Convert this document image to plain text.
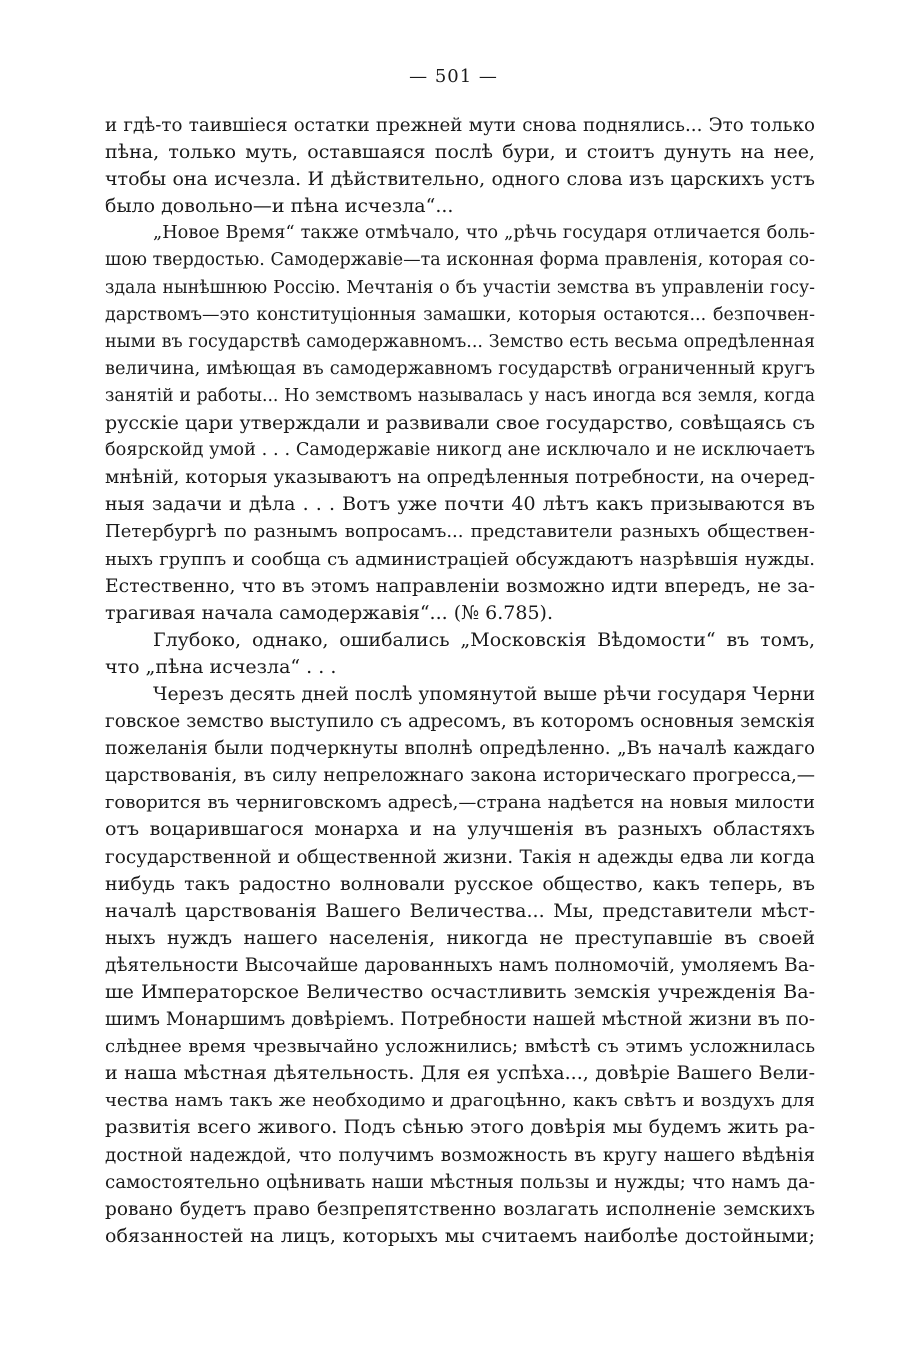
— 501 —
и гдѣ-то таившіеся остатки прежней мути снова поднялись... Это только
пѣна, только муть, оставшаяся послѣ бури, и стоитъ дунуть на нее,
чтобы она исчезла. И дѣйствительно, одного слова изъ царскихъ устъ
было довольно—и пѣна исчезла“...
„Новое Время“ также отмѣчало, что „рѣчь государя отличается боль-
шою твердостью. Самодержавіе—та исконная форма правленія, которая со-
здала нынѣшнюю Россію. Мечтанія о бъ участіи земства въ управленіи госу-
дарствомъ—это конституціонныя замашки, которыя остаются... безпочвен-
ными въ государствѣ самодержавномъ... Земство есть весьма опредѣленная
величина, имѣющая въ самодержавномъ государствѣ ограниченный кругъ
занятій и работы... Но земствомъ называлась у насъ иногда вся земля, когда
русскіе цари утверждали и развивали свое государство, совѣщаясь съ
боярскойд умой . . . Самодержавіе никогд ане исключало и не исключаетъ
мнѣній, которыя указываютъ на опредѣленныя потребности, на очеред-
ныя задачи и дѣла . . . Вотъ уже почти 40 лѣтъ какъ призываются въ
Петербургѣ по разнымъ вопросамъ... представители разныхъ обществен-
ныхъ группъ и сообща съ администраціей обсуждаютъ назрѣвшія нужды.
Естественно, что въ этомъ направленіи возможно идти впередъ, не за-
трагивая начала самодержавія“... (№ 6.785).
Глубоко, однако, ошибались „Московскія Вѣдомости“ въ томъ,
что „пѣна исчезла“ . . .
Черезъ десять дней послѣ упомянутой выше рѣчи государя Черни
говское земство выступило съ адресомъ, въ которомъ основныя земскія
пожеланія были подчеркнуты вполнѣ опредѣленно. „Въ началѣ каждаго
царствованія, въ силу непреложнаго закона историческаго прогресса,—
говорится въ черниговскомъ адресѣ,—страна надѣется на новыя милости
отъ воцарившагося монарха и на улучшенія въ разныхъ областяхъ
государственной и общественной жизни. Такія н адежды едва ли когда
нибудь такъ радостно волновали русское общество, какъ теперь, въ
началѣ царствованія Вашего Величества... Мы, представители мѣст-
ныхъ нуждъ нашего населенія, никогда не преступавшіе въ своей
дѣятельности Высочайше дарованныхъ намъ полномочій, умоляемъ Ва-
ше Императорское Величество осчастливить земскія учрежденія Ва-
шимъ Монаршимъ довѣріемъ. Потребности нашей мѣстной жизни въ по-
слѣднее время чрезвычайно усложнились; вмѣстѣ съ этимъ усложнилась
и наша мѣстная дѣятельность. Для ея успѣха..., довѣріе Вашего Вели-
чества намъ такъ же необходимо и драгоцѣнно, какъ свѣтъ и воздухъ для
развитія всего живого. Подъ сѣнью этого довѣрія мы будемъ жить ра-
достной надеждой, что получимъ возможность въ кругу нашего вѣдѣнія
самостоятельно оцѣнивать наши мѣстныя пользы и нужды; что намъ да-
ровано будетъ право безпрепятственно возлагать исполненіе земскихъ
обязанностей на лицъ, которыхъ мы считаемъ наиболѣе достойными;
